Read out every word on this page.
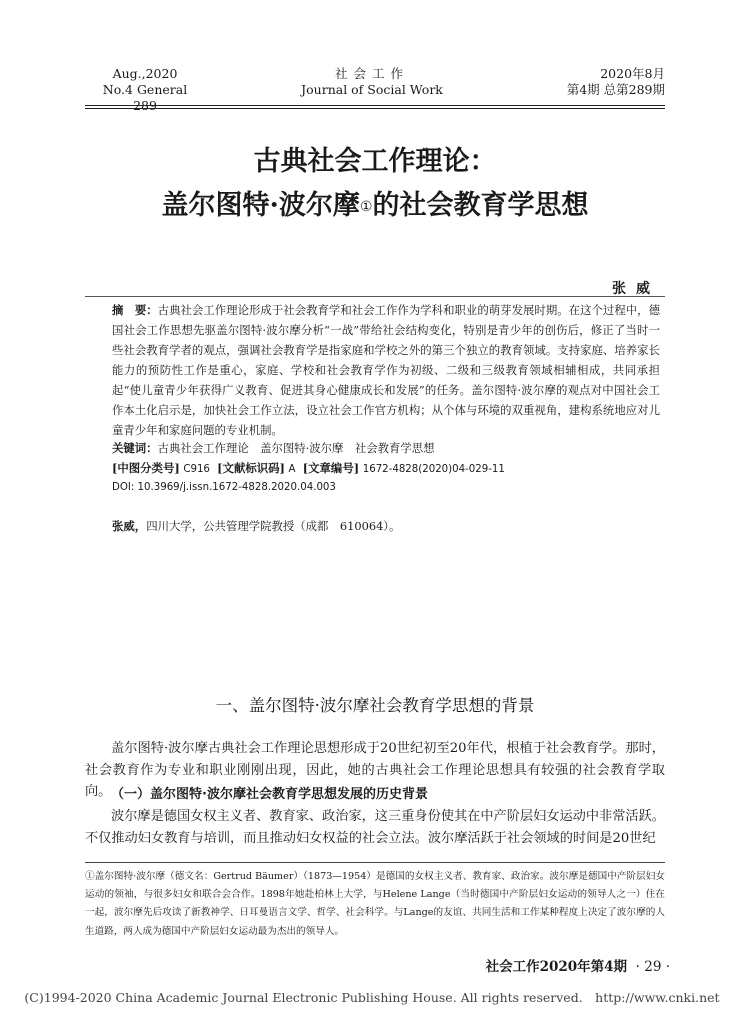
Aug.,2020
No.4 General 289
社会工作
Journal of Social Work
2020年8月
第4期 总第289期
古典社会工作理论：
盖尔图特·波尔摩①的社会教育学思想
张威
摘　要：古典社会工作理论形成于社会教育学和社会工作作为学科和职业的萌芽发展时期。在这个过程中，德国社会工作思想先驱盖尔图特·波尔摩分析“一战”带给社会结构变化，特别是青少年的创伤后，修正了当时一些社会教育学者的观点，强调社会教育学是指家庭和学校之外的第三个独立的教育领域。支持家庭、培养家长能力的预防性工作是重心，家庭、学校和社会教育学作为初级、二级和三级教育领域相辅相成，共同承担起“使儿童青少年获得广义教育、促进其身心健康成长和发展”的任务。盖尔图特·波尔摩的观点对中国社会工作本土化启示是，加快社会工作立法，设立社会工作官方机构；从个体与环境的双重视角，建构系统地应对儿童青少年和家庭问题的专业机制。
关键词：古典社会工作理论　盖尔图特·波尔摩　社会教育学思想
[中图分类号] C916 [文献标识码] A [文章编号] 1672-4828(2020)04-029-11
DOI: 10.3969/j.issn.1672-4828.2020.04.003
张威，四川大学，公共管理学院教授（成都　610064）。
一、盖尔图特·波尔摩社会教育学思想的背景
盖尔图特·波尔摩古典社会工作理论思想形成于20世纪初至20年代，根植于社会教育学。那时，社会教育作为专业和职业刚刚出现，因此，她的古典社会工作理论思想具有较强的社会教育学取向。 （一）盖尔图特·波尔摩社会教育学思想发展的历史背景
波尔摩是德国女权主义者、教育家、政治家，这三重身份使其在中产阶层妇女运动中非常活跃。不仅推动妇女教育与培训，而且推动妇女权益的社会立法。波尔摩活跃于社会领域的时间是20世纪
①盖尔图特·波尔摩（德文名：Gertrud Bäumer）（1873—1954）是德国的女权主义者、教育家、政治家。波尔摩是德国中产阶层妇女运动的领袖，与很多妇女和联合会合作。1898年她赴柏林上大学，与Helene Lange（当时德国中产阶层妇女运动的领导人之一）住在一起，波尔摩先后攻读了新教神学、日耳曼语言文学、哲学、社会科学。与Lange的友谊、共同生活和工作某种程度上决定了波尔摩的人生道路，两人成为德国中产阶层妇女运动最为杰出的领导人。
社会工作2020年第4期 · 29 ·
(C)1994-2020 China Academic Journal Electronic Publishing House. All rights reserved.　http://www.cnki.net
